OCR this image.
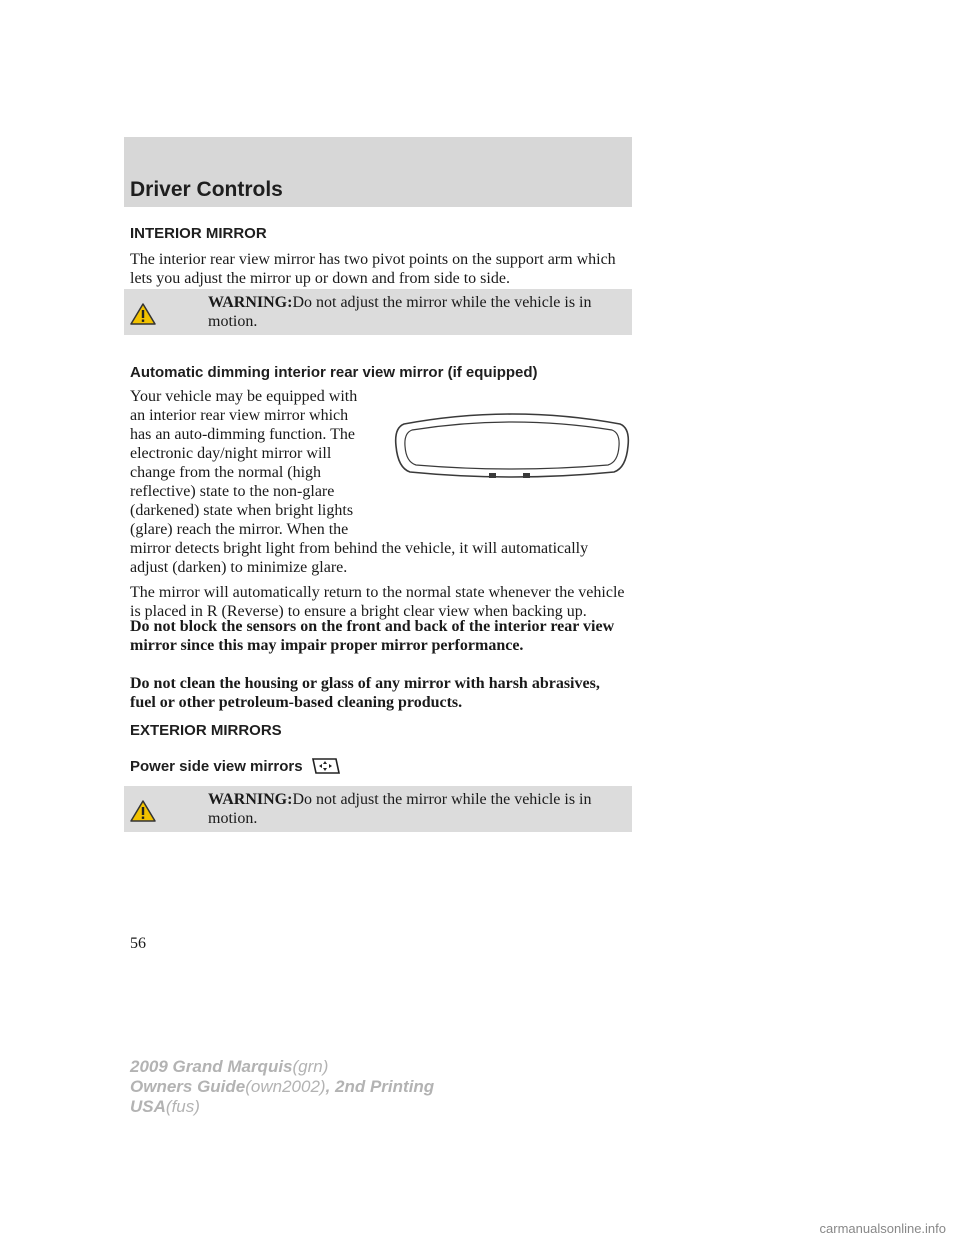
Driver Controls
INTERIOR MIRROR

The interior rear view mirror has two pivot points on the support arm which lets you adjust the mirror up or down and from side to side.

WARNING:Do not adjust the mirror while the vehicle is in motion.

Automatic dimming interior rear view mirror (if equipped)
Your vehicle may be equipped with
an interior rear view mirror which
has an auto-dimming function. The
electronic day/night mirror will
change from the normal (high
reflective) state to the non-glare
(darkened) state when bright lights
(glare) reach the mirror. When the
mirror detects bright light from behind the vehicle, it will automatically
adjust (darken) to minimize glare.

The mirror will automatically return to the normal state whenever the vehicle is placed in R (Reverse) to ensure a bright clear view when backing up.

Do not block the sensors on the front and back of the interior rear view mirror since this may impair proper mirror performance.

Do not clean the housing or glass of any mirror with harsh abrasives, fuel or other petroleum-based cleaning products.

EXTERIOR MIRRORS
Power side view mirrors

WARNING:Do not adjust the mirror while the vehicle is in motion.

56
2009 Grand Marquis(grn)
Owners Guide(own2002), 2nd Printing
USA(fus)
carmanualsonline.info
